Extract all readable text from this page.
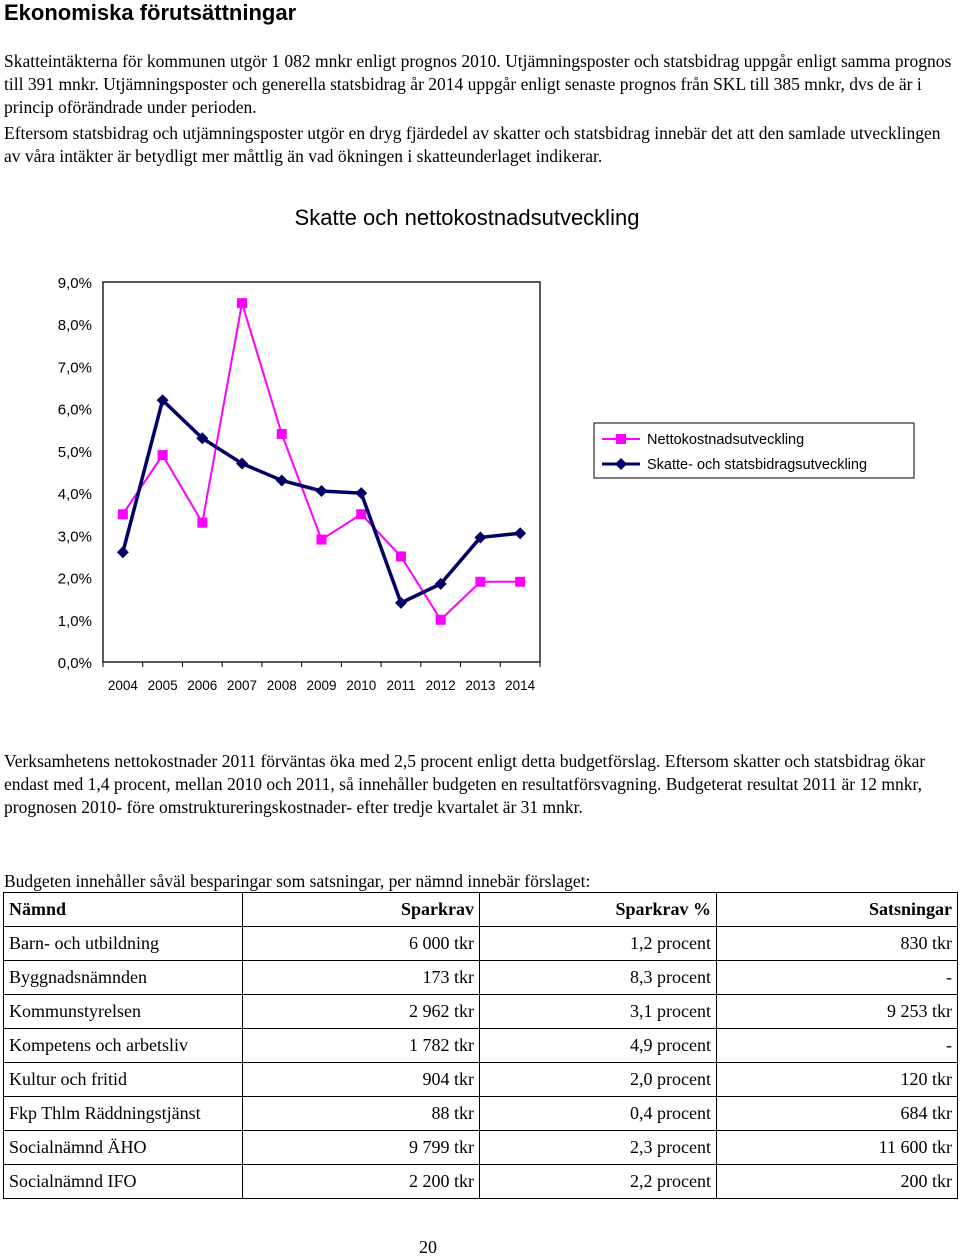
Ekonomiska förutsättningar

Skatteintäkterna för kommunen utgör 1 082 mnkr enligt prognos 2010. Utjämningsposter och statsbidrag uppgår enligt samma prognos till 391 mnkr. Utjämningsposter och generella statsbidrag år 2014 uppgår enligt senaste prognos från SKL till 385 mnkr, dvs de är i princip oförändrade under perioden.

Eftersom statsbidrag och utjämningsposter utgör en dryg fjärdedel av skatter och statsbidrag innebär det att den samlade utvecklingen av våra intäkter är betydligt mer måttlig än vad ökningen i skatteunderlaget indikerar.

Skatte och nettokostnadsutveckling
0,0%
1,0%
2,0%
3,0%
4,0%
5,0%
6,0%
7,0%
8,0%
9,0%
2004 2005 2006 2007 2008 2009 2010 2011 2012 2013 2014
Nettokostnadsutveckling
Skatte- och statsbidragsutveckling

Verksamhetens nettokostnader 2011 förväntas öka med 2,5 procent enligt detta budgetförslag. Eftersom skatter och statsbidrag ökar endast med 1,4 procent, mellan 2010 och 2011, så innehåller budgeten en resultatförsvagning. Budgeterat resultat 2011 är 12 mnkr, prognosen 2010- före omstruktureringskostnader- efter tredje kvartalet är 31 mnkr.

Budgeten innehåller såväl besparingar som satsningar, per nämnd innebär förslaget:

Nämnd	Sparkrav	Sparkrav %	Satsningar
Barn- och utbildning	6 000 tkr	1,2 procent	830 tkr
Byggnadsnämnden	173 tkr	8,3 procent	-
Kommunstyrelsen	2 962 tkr	3,1 procent	9 253 tkr
Kompetens och arbetsliv	1 782 tkr	4,9 procent	-
Kultur och fritid	904 tkr	2,0 procent	120 tkr
Fkp Thlm Räddningstjänst	88 tkr	0,4 procent	684 tkr
Socialnämnd ÄHO	9 799 tkr	2,3 procent	11 600 tkr
Socialnämnd IFO	2 200 tkr	2,2 procent	200 tkr
20
